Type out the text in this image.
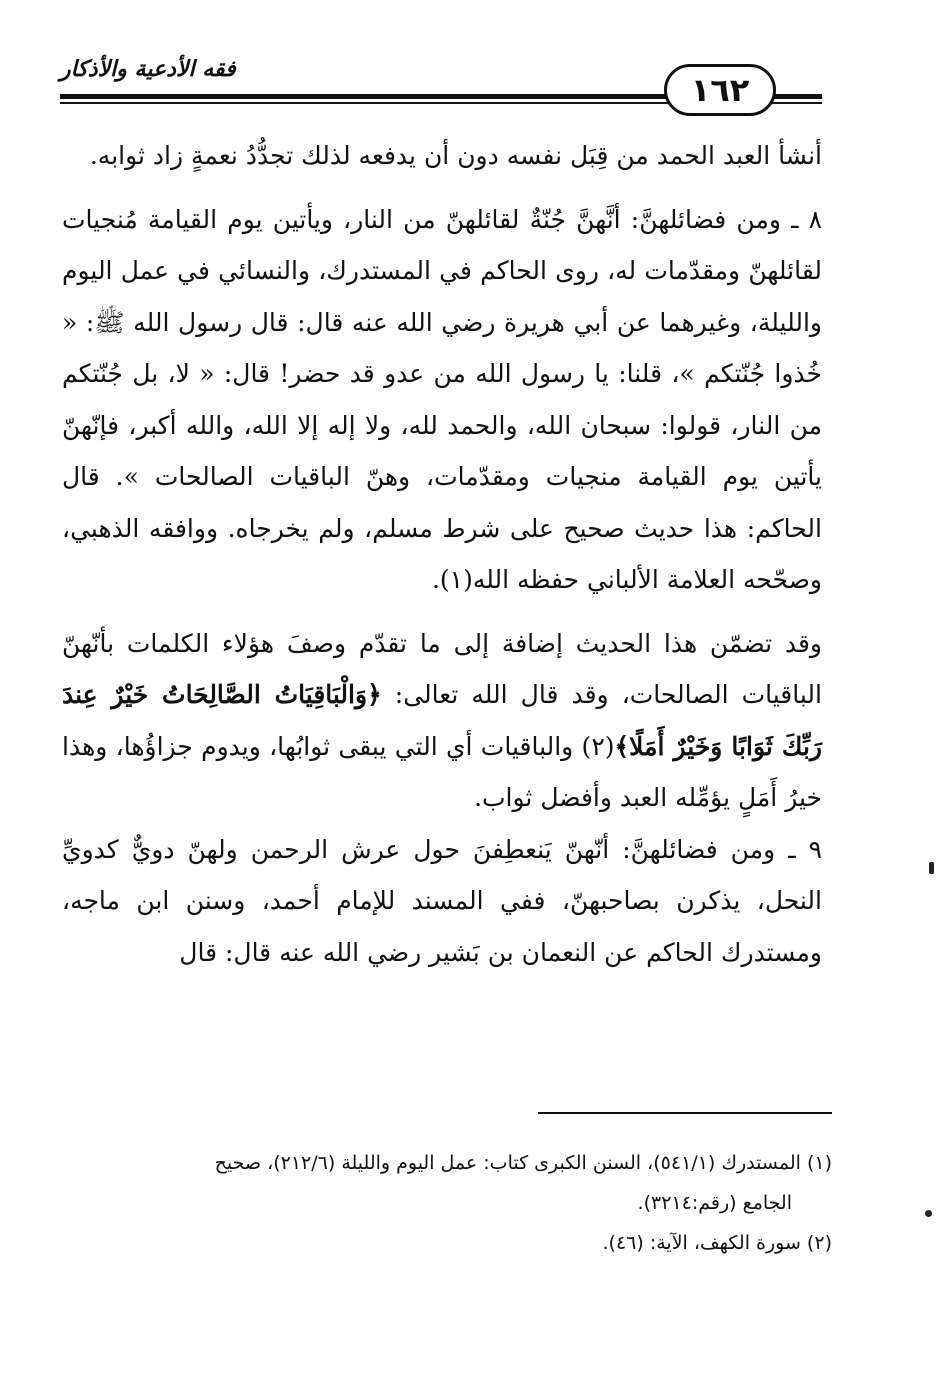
فقه الأدعية والأذكار
١٦٢

أنشأ العبد الحمد من قِبَل نفسه دون أن يدفعه لذلك تجدُّدُ نعمةٍ زاد ثوابه.

٨ ـ ومن فضائلهنَّ: أنَّهنَّ جُنّةٌ لقائلهنّ من النار، ويأتين يوم القيامة مُنجيات لقائلهنّ ومقدّمات له، روى الحاكم في المستدرك، والنسائي في عمل اليوم والليلة، وغيرهما عن أبي هريرة رضي الله عنه قال: قال رسول الله ﷺ: « خُذوا جُنّتكم »، قلنا: يا رسول الله من عدو قد حضر! قال: « لا، بل جُنّتكم من النار، قولوا: سبحان الله، والحمد لله، ولا إله إلا الله، والله أكبر، فإنّهنّ يأتين يوم القيامة منجيات ومقدّمات، وهنّ الباقيات الصالحات ». قال الحاكم: هذا حديث صحيح على شرط مسلم، ولم يخرجاه. ووافقه الذهبي، وصحّحه العلامة الألباني حفظه الله(١).

وقد تضمّن هذا الحديث إضافة إلى ما تقدّم وصفَ هؤلاء الكلمات بأنّهنّ الباقيات الصالحات، وقد قال الله تعالى: ﴿وَالْبَاقِيَاتُ الصَّالِحَاتُ خَيْرٌ عِندَ رَبِّكَ ثَوَابًا وَخَيْرٌ أَمَلًا﴾(٢) والباقيات أي التي يبقى ثوابُها، ويدوم جزاؤُها، وهذا خيرُ أَمَلٍ يؤمِّله العبد وأفضل ثواب.

٩ ـ ومن فضائلهنَّ: أنّهنّ يَنعطِفنَ حول عرش الرحمن ولهنّ دويٌّ كدويِّ النحل، يذكرن بصاحبهنّ، ففي المسند للإمام أحمد، وسنن ابن ماجه، ومستدرك الحاكم عن النعمان بن بَشير رضي الله عنه قال: قال

(١) المستدرك (٥٤١/١)، السنن الكبرى كتاب: عمل اليوم والليلة (٢١٢/٦)، صحيح

الجامع (رقم:٣٢١٤).

(٢) سورة الكهف، الآية: (٤٦).
